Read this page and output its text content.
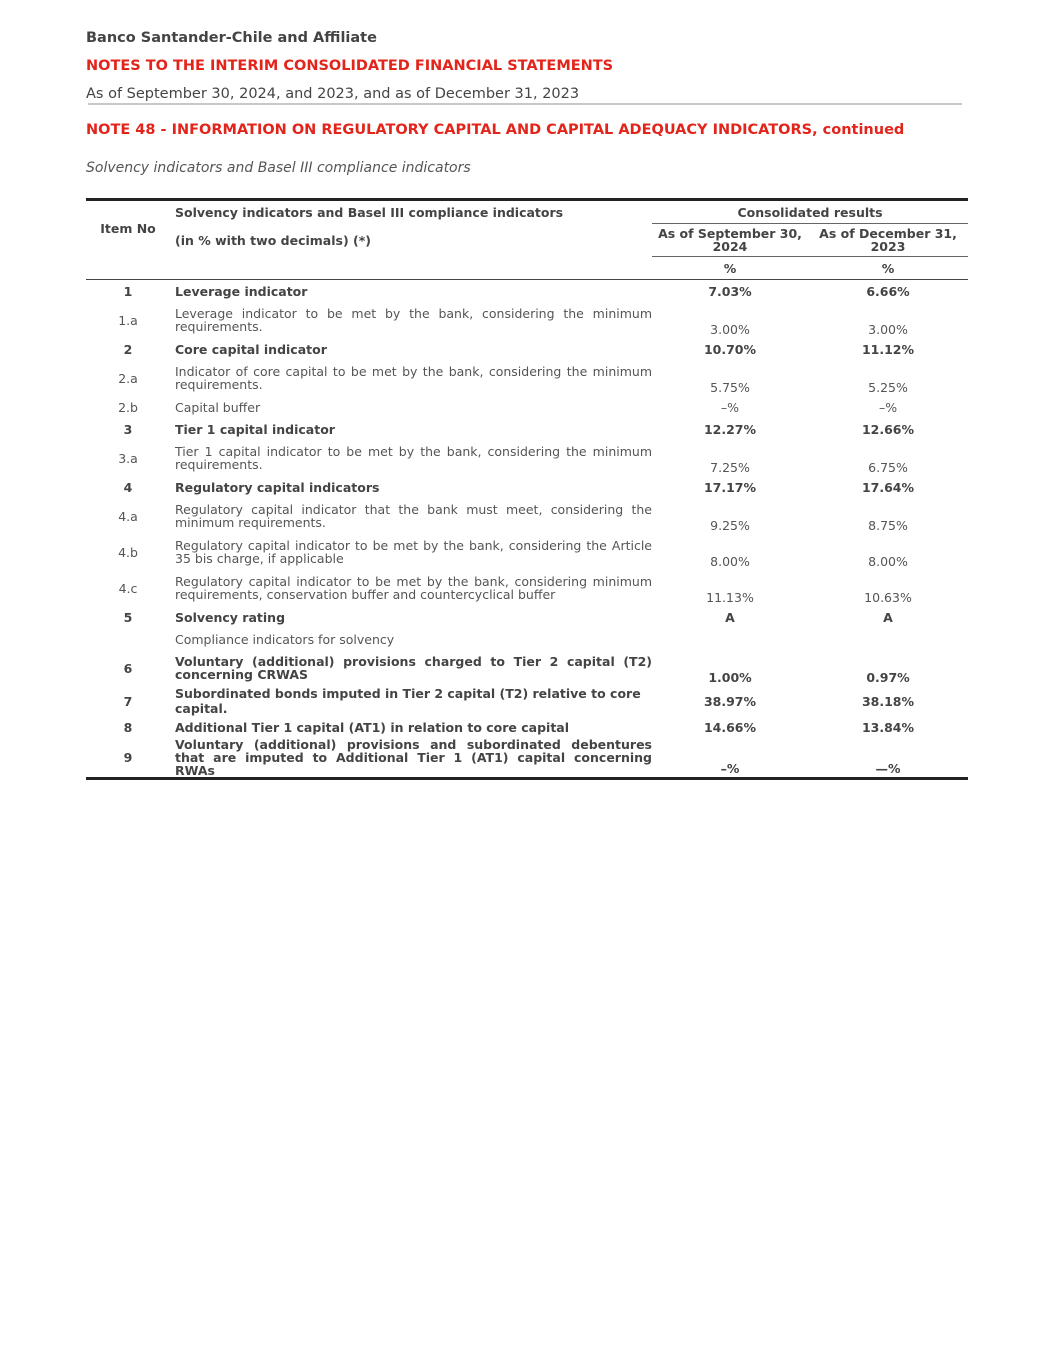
Banco Santander-Chile and Affiliate
NOTES TO THE INTERIM CONSOLIDATED FINANCIAL STATEMENTS
As of September 30, 2024, and 2023, and as of December 31, 2023
NOTE 48 - INFORMATION ON REGULATORY CAPITAL AND CAPITAL ADEQUACY INDICATORS, continued
Solvency indicators and Basel III compliance indicators
Item No	Solvency indicators and Basel III compliance indicators	Consolidated results	
	(in % with two decimals) (*)	As of September 30, 2024	As of December 31, 2023
		%	%
1	Leverage indicator	7.03%	6.66%
1.a	Leverage indicator to be met by the bank, considering the minimum requirements.	3.00%	3.00%
2	Core capital indicator	10.70%	11.12%
2.a	Indicator of core capital to be met by the bank, considering the minimum requirements.	5.75%	5.25%
2.b	Capital buffer	–%	–%
3	Tier 1 capital indicator	12.27%	12.66%
3.a	Tier 1 capital indicator to be met by the bank, considering the minimum requirements.	7.25%	6.75%
4	Regulatory capital indicators	17.17%	17.64%
4.a	Regulatory capital indicator that the bank must meet, considering the minimum requirements.	9.25%	8.75%
4.b	Regulatory capital indicator to be met by the bank, considering the Article 35 bis charge, if applicable	8.00%	8.00%
4.c	Regulatory capital indicator to be met by the bank, considering minimum requirements, conservation buffer and countercyclical buffer	11.13%	10.63%
5	Solvency rating	A	A
	Compliance indicators for solvency		
6	Voluntary (additional) provisions charged to Tier 2 capital (T2) concerning CRWAS	1.00%	0.97%
7	Subordinated bonds imputed in Tier 2 capital (T2) relative to core capital.	38.97%	38.18%
8	Additional Tier 1 capital (AT1) in relation to core capital	14.66%	13.84%
9	Voluntary (additional) provisions and subordinated debentures that are imputed to Additional Tier 1 (AT1) capital concerning RWAs	–%	—%
